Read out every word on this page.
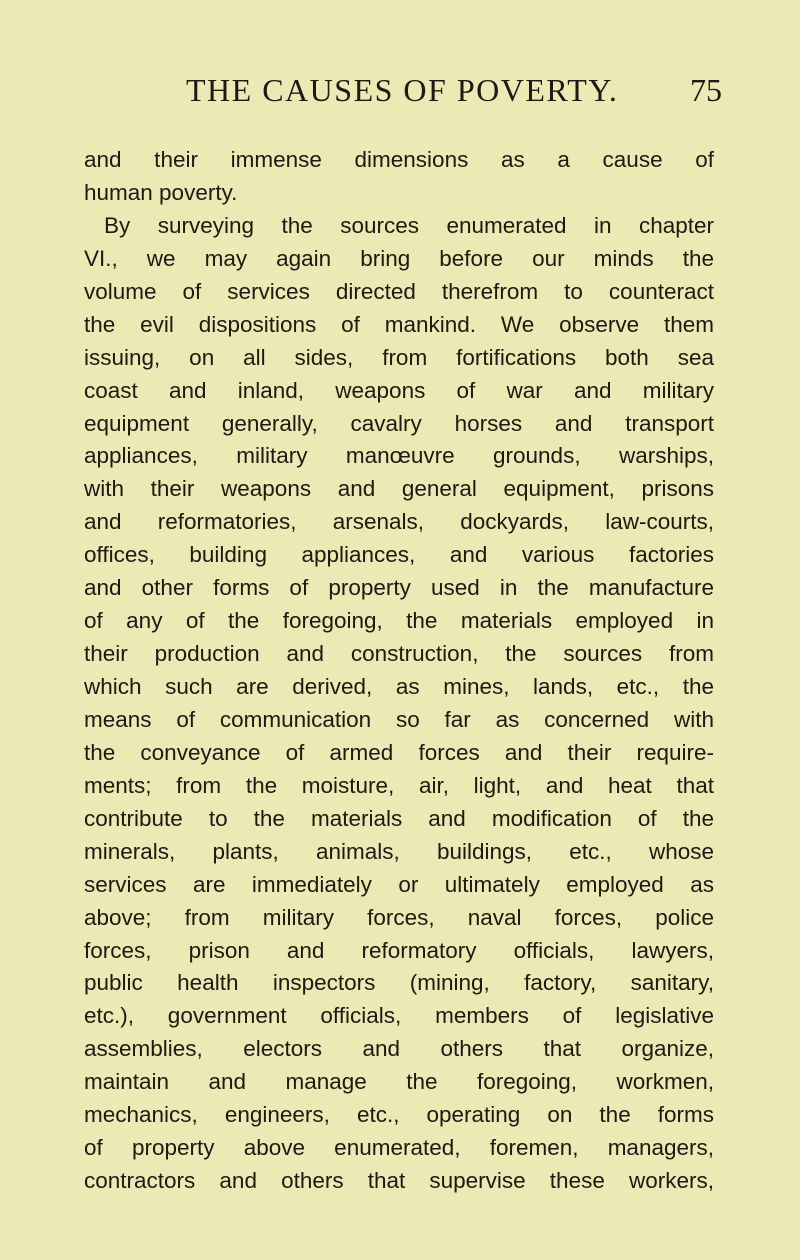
THE CAUSES OF POVERTY. 75
and their immense dimensions as a cause of
human poverty.
By surveying the sources enumerated in chapter
VI., we may again bring before our minds the
volume of services directed therefrom to counteract
the evil dispositions of mankind. We observe them
issuing, on all sides, from fortifications both sea
coast and inland, weapons of war and military
equipment generally, cavalry horses and transport
appliances, military manœuvre grounds, warships,
with their weapons and general equipment, prisons
and reformatories, arsenals, dockyards, law-courts,
offices, building appliances, and various factories
and other forms of property used in the manufacture
of any of the foregoing, the materials employed in
their production and construction, the sources from
which such are derived, as mines, lands, etc., the
means of communication so far as concerned with
the conveyance of armed forces and their require-
ments; from the moisture, air, light, and heat that
contribute to the materials and modification of the
minerals, plants, animals, buildings, etc., whose
services are immediately or ultimately employed as
above; from military forces, naval forces, police
forces, prison and reformatory officials, lawyers,
public health inspectors (mining, factory, sanitary,
etc.), government officials, members of legislative
assemblies, electors and others that organize,
maintain and manage the foregoing, workmen,
mechanics, engineers, etc., operating on the forms
of property above enumerated, foremen, managers,
contractors and others that supervise these workers,
